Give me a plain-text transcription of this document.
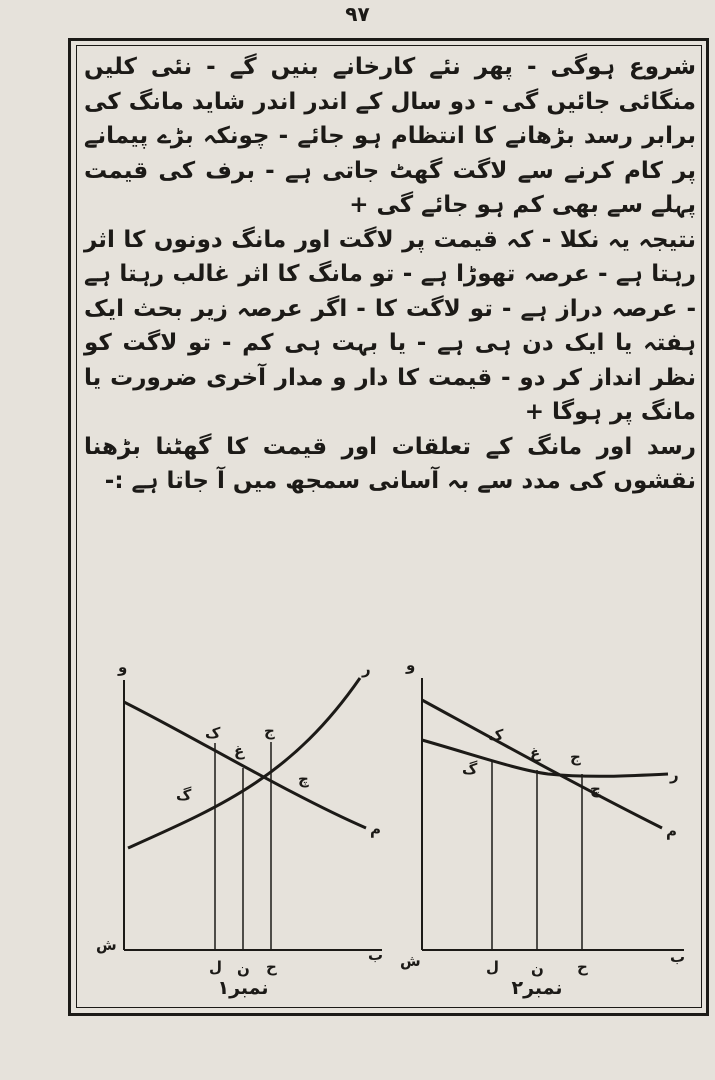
٩٧

شروع ہوگی - پھر نئے کارخانے بنیں گے - نئی کلیں منگائی جائیں گی - دو سال کے اندر اندر شاید مانگ کی برابر رسد بڑھانے کا انتظام ہو جائے - چونکہ بڑے پیمانے پر کام کرنے سے لاگت گھٹ جاتی ہے - برف کی قیمت پہلے سے بھی کم ہو جائے گی +

نتیجہ یہ نکلا - کہ قیمت پر لاگت اور مانگ دونوں کا اثر رہتا ہے - عرصہ تھوڑا ہے - تو مانگ کا اثر غالب رہتا ہے - عرصہ دراز ہے - تو لاگت کا - اگر عرصہ زیر بحث ایک ہفتہ یا ایک دن ہی ہے - یا بہت ہی کم - تو لاگت کو نظر انداز کر دو - قیمت کا دار و مدار آخری ضرورت یا مانگ پر ہوگا +

رسد اور مانگ کے تعلقات اور قیمت کا گھٹنا بڑھنا نقشوں کی مدد سے بہ آسانی سمجھ میں آ جاتا ہے :-

و
ش
ب
ر
م
ک
غ
ج
گ
چ
ل ن ح
نمبر۱
و
ش	ب
ر
م
ک
غ ج
گ
چ
ل ن ح
نمبر۲
